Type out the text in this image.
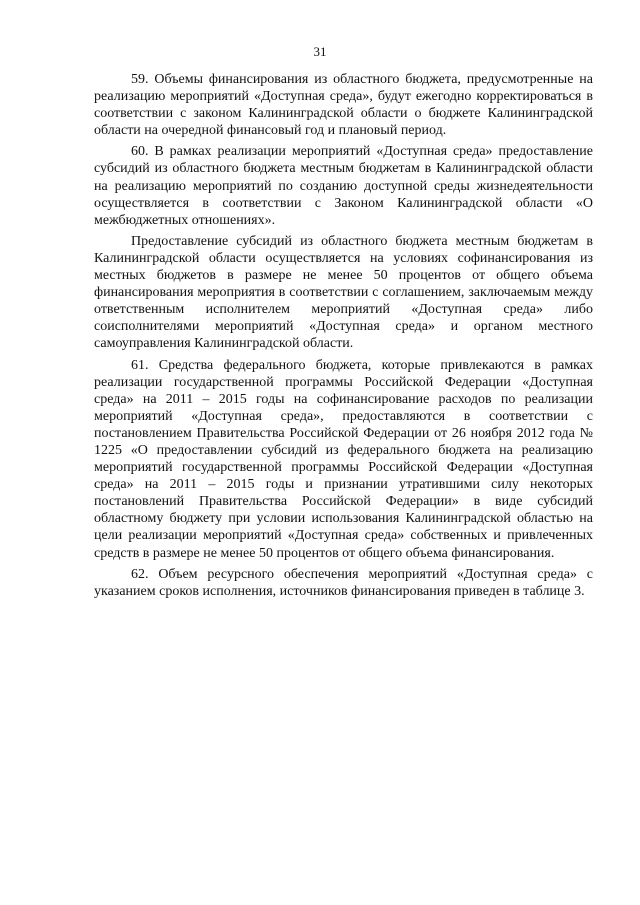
31

59. Объемы финансирования из областного бюджета, предусмотренные на реализацию мероприятий «Доступная среда», будут ежегодно корректироваться в соответствии с законом Калининградской области о бюджете Калининградской области на очередной финансовый год и плановый период.

60. В рамках реализации мероприятий «Доступная среда» предоставление субсидий из областного бюджета местным бюджетам в Калининградской области на реализацию мероприятий по созданию доступной среды жизнедеятельности осуществляется в соответствии с Законом Калининградской области «О межбюджетных отношениях».

Предоставление субсидий из областного бюджета местным бюджетам в Калининградской области осуществляется на условиях софинансирования из местных бюджетов в размере не менее 50 процентов от общего объема финансирования мероприятия в соответствии с соглашением, заключаемым между ответственным исполнителем мероприятий «Доступная среда» либо соисполнителями мероприятий «Доступная среда» и органом местного самоуправления Калининградской области.

61. Средства федерального бюджета, которые привлекаются в рамках реализации государственной программы Российской Федерации «Доступная среда» на 2011 – 2015 годы на софинансирование расходов по реализации мероприятий «Доступная среда», предоставляются в соответствии с постановлением Правительства Российской Федерации от 26 ноября 2012 года № 1225 «О предоставлении субсидий из федерального бюджета на реализацию мероприятий государственной программы Российской Федерации «Доступная среда» на 2011 – 2015 годы и признании утратившими силу некоторых постановлений Правительства Российской Федерации» в виде субсидий областному бюджету при условии использования Калининградской областью на цели реализации мероприятий «Доступная среда» собственных и привлеченных средств в размере не менее 50 процентов от общего объема финансирования.

62. Объем ресурсного обеспечения мероприятий «Доступная среда» с указанием сроков исполнения, источников финансирования приведен в таблице 3.
